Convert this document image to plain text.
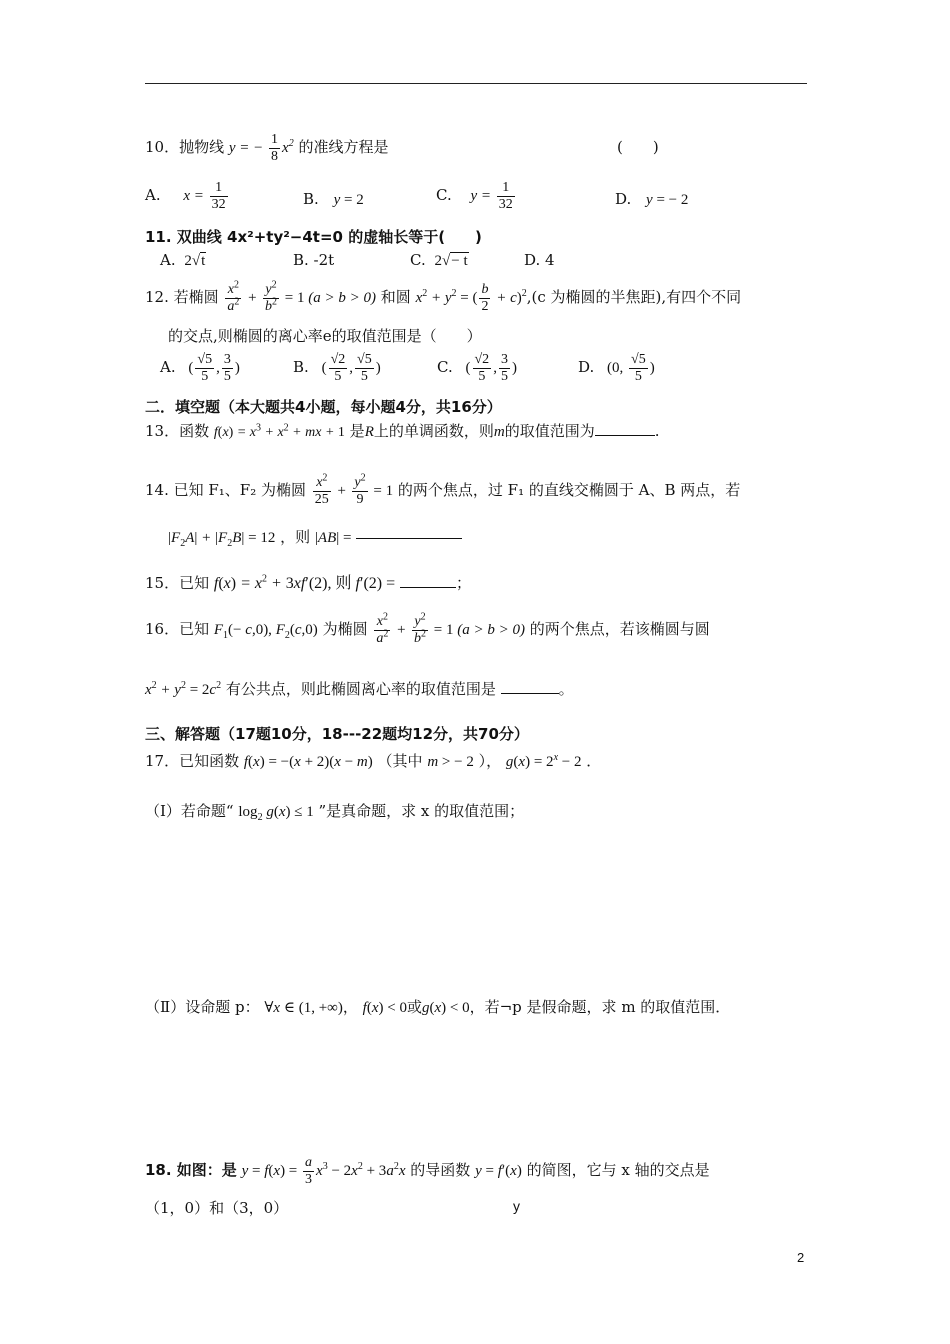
10．抛物线 y = − $\frac{1}{8} x^2$ 的准线方程是	(　　)
A. $x = \frac{1}{32}$	B. y = 2	C. $y = \frac{1}{32}$	D. y = − 2
11. 双曲线 4x²+ty²−4t=0 的虚轴长等于(　　)
A. 2√t	B. -2t	C. 2√− t	D. 4
12. 若椭圆 $\frac{x^2}{a^2} + \frac{y^2}{b^2} = 1$ (a > b > 0) 和圆 $x^2 + y^2$ = ( $\frac{b}{2} + c)^2,(c$ 为椭圆的半焦距),有四个不同
的交点,则椭圆的离心率e的取值范围是（　　）
A. ( $\frac{√5}{5}$ , $\frac{3}{5}$ )	B. ( $\frac{√2}{5}$ , $\frac{√5}{5}$ )	C. ( $\frac{√2}{5}$ , $\frac{3}{5}$ )	D. (0, $\frac{√5}{5}$ )
二．填空题（本大题共4小题，每小题4分，共16分）
13．函数 $f(x) = x^3 + x^2$ + mx + 1 是R上的单调函数，则m的取值范围为	.
14. 已知 F₁、F₂ 为椭圆 $\frac{x^2}{25} + \frac{y^2}{9} = 1$ 的两个焦点，过 F₁ 的直线交椭圆于 A、B 两点，若
$|F_2A| + |F_2B| = 12$ ，则 |AB| =
15．已知 $f(x) = x^2 + 3xf'(2)$, 则 f′(2) =	；
16．已知 $F_1(- c,0)$, $F_2(c,0)$ 为椭圆 $\frac{x^2}{a^2} + \frac{y^2}{b^2} = 1$ (a > b > 0) 的两个焦点，若该椭圆与圆
$x^2 + y^2 = 2c^2$ 有公共点，则此椭圆离心率的取值范围是	。
三、解答题（17题10分，18---22题均12分，共70分）
17．已知函数 f(x) = −(x + 2)(x − m) （其中 m > − 2 ）， $g(x) = 2^x - 2$ ．
（Ⅰ）若命题“ $\log_2 g(x) \le 1$ ”是真命题，求 x 的取值范围；
（Ⅱ）设命题 p： ∀x ∈ (1, +∞)， f(x) < 0或g(x) < 0，若¬p 是假命题，求 m 的取值范围．
18. 如图：是 $y = f(x) = \frac{a}{3} x^3 - 2x^2 + 3a^2x$ 的导函数 y = f′(x) 的简图，它与 x 轴的交点是
（1，0）和（3，0）	y
2
